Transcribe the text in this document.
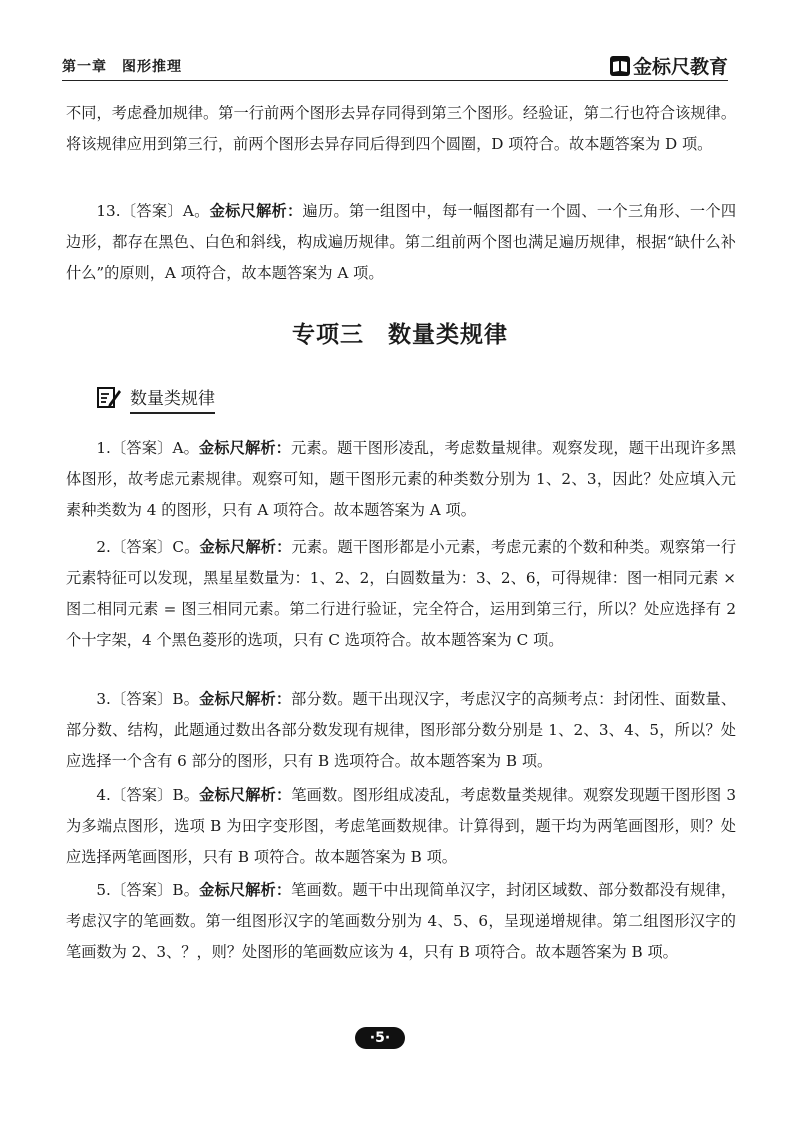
第一章　图形推理	金标尺教育

不同，考虑叠加规律。第一行前两个图形去异存同得到第三个图形。经验证，第二行也符合该规律。将该规律应用到第三行，前两个图形去异存同后得到四个圆圈，D 项符合。故本题答案为 D 项。

13.〔答案〕A。金标尺解析：遍历。第一组图中，每一幅图都有一个圆、一个三角形、一个四边形，都存在黑色、白色和斜线，构成遍历规律。第二组前两个图也满足遍历规律，根据“缺什么补什么”的原则，A 项符合，故本题答案为 A 项。

专项三　数量类规律
数量类规律

1.〔答案〕A。金标尺解析：元素。题干图形凌乱，考虑数量规律。观察发现，题干出现许多黑体图形，故考虑元素规律。观察可知，题干图形元素的种类数分别为 1、2、3，因此？处应填入元素种类数为 4 的图形，只有 A 项符合。故本题答案为 A 项。

2.〔答案〕C。金标尺解析：元素。题干图形都是小元素，考虑元素的个数和种类。观察第一行元素特征可以发现，黑星星数量为：1、2、2，白圆数量为：3、2、6，可得规律：图一相同元素 × 图二相同元素 = 图三相同元素。第二行进行验证，完全符合，运用到第三行，所以？处应选择有 2 个十字架，4 个黑色菱形的选项，只有 C 选项符合。故本题答案为 C 项。

3.〔答案〕B。金标尺解析：部分数。题干出现汉字，考虑汉字的高频考点：封闭性、面数量、部分数、结构，此题通过数出各部分数发现有规律，图形部分数分别是 1、2、3、4、5，所以？处应选择一个含有 6 部分的图形，只有 B 选项符合。故本题答案为 B 项。

4.〔答案〕B。金标尺解析：笔画数。图形组成凌乱，考虑数量类规律。观察发现题干图形图 3 为多端点图形，选项 B 为田字变形图，考虑笔画数规律。计算得到，题干均为两笔画图形，则？处应选择两笔画图形，只有 B 项符合。故本题答案为 B 项。

5.〔答案〕B。金标尺解析：笔画数。题干中出现简单汉字，封闭区域数、部分数都没有规律，考虑汉字的笔画数。第一组图形汉字的笔画数分别为 4、5、6，呈现递增规律。第二组图形汉字的笔画数为 2、3、？，则？处图形的笔画数应该为 4，只有 B 项符合。故本题答案为 B 项。

·5·
